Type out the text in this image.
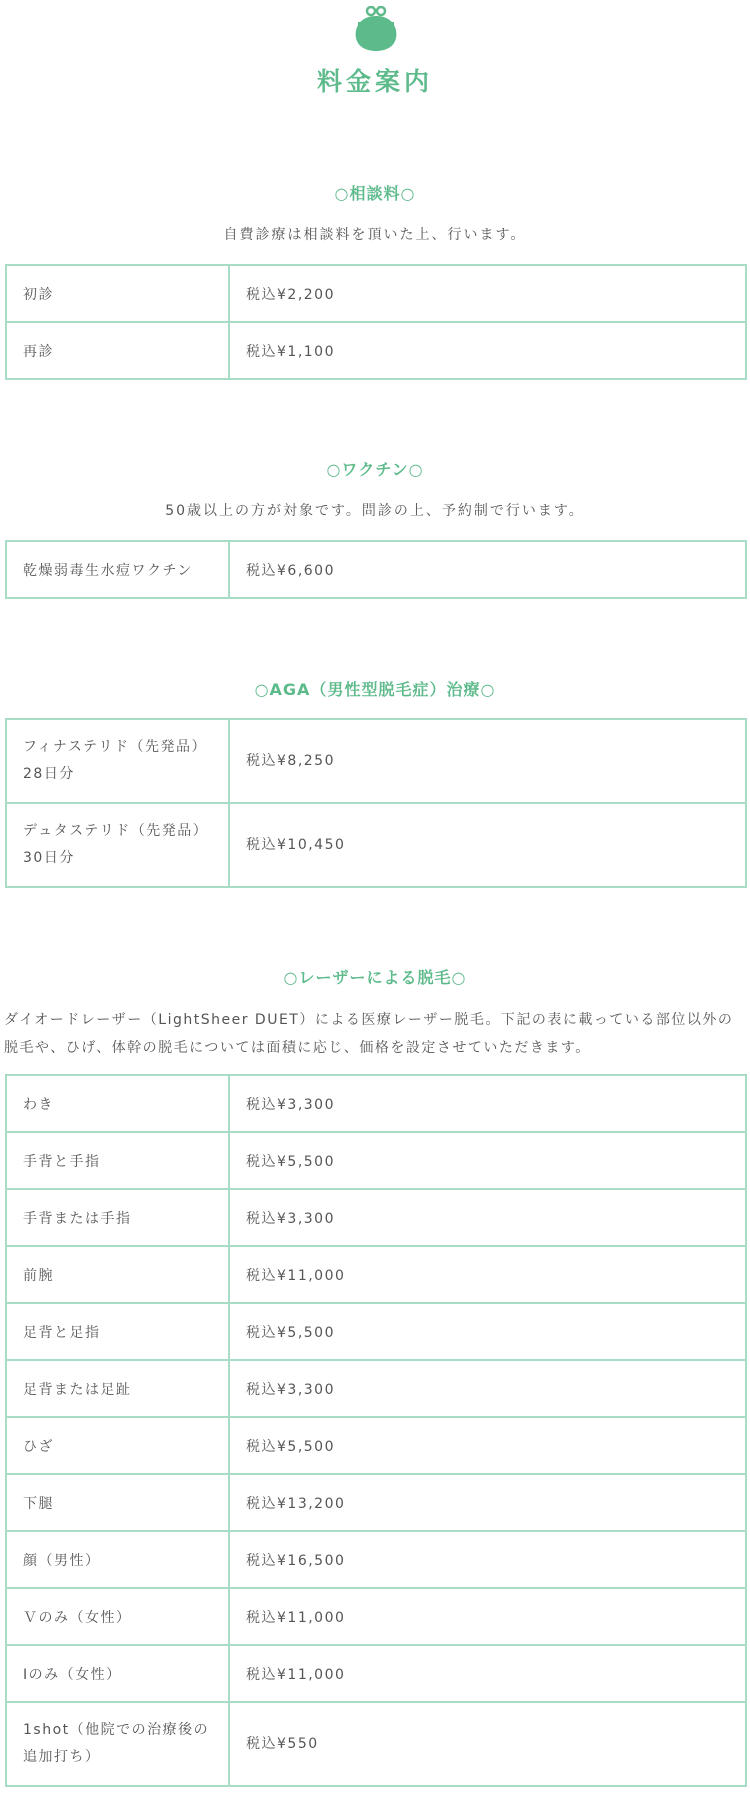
料金案内
○相談料○
自費診療は相談料を頂いた上、行います。
初診	税込¥2,200
再診	税込¥1,100
○ワクチン○
50歳以上の方が対象です。問診の上、予約制で行います。
乾燥弱毒生水痘ワクチン	税込¥6,600
○AGA（男性型脱毛症）治療○
フィナステリド（先発品）
28日分	税込¥8,250

デュタステリド（先発品）
30日分	税込¥10,450
○レーザーによる脱毛○
ダイオードレーザー（LightSheer DUET）による医療レーザー脱毛。下記の表に載っている部位以外の脱毛や、ひげ、体幹の脱毛については面積に応じ、価格を設定させていただきます。
わき	税込¥3,300
手背と手指	税込¥5,500
手背または手指	税込¥3,300
前腕	税込¥11,000
足背と足指	税込¥5,500
足背または足趾	税込¥3,300
ひざ	税込¥5,500
下腿	税込¥13,200
顔（男性）	税込¥16,500
Ｖのみ（女性）	税込¥11,000
Iのみ（女性）	税込¥11,000

1shot（他院での治療後の
追加打ち）	税込¥550
